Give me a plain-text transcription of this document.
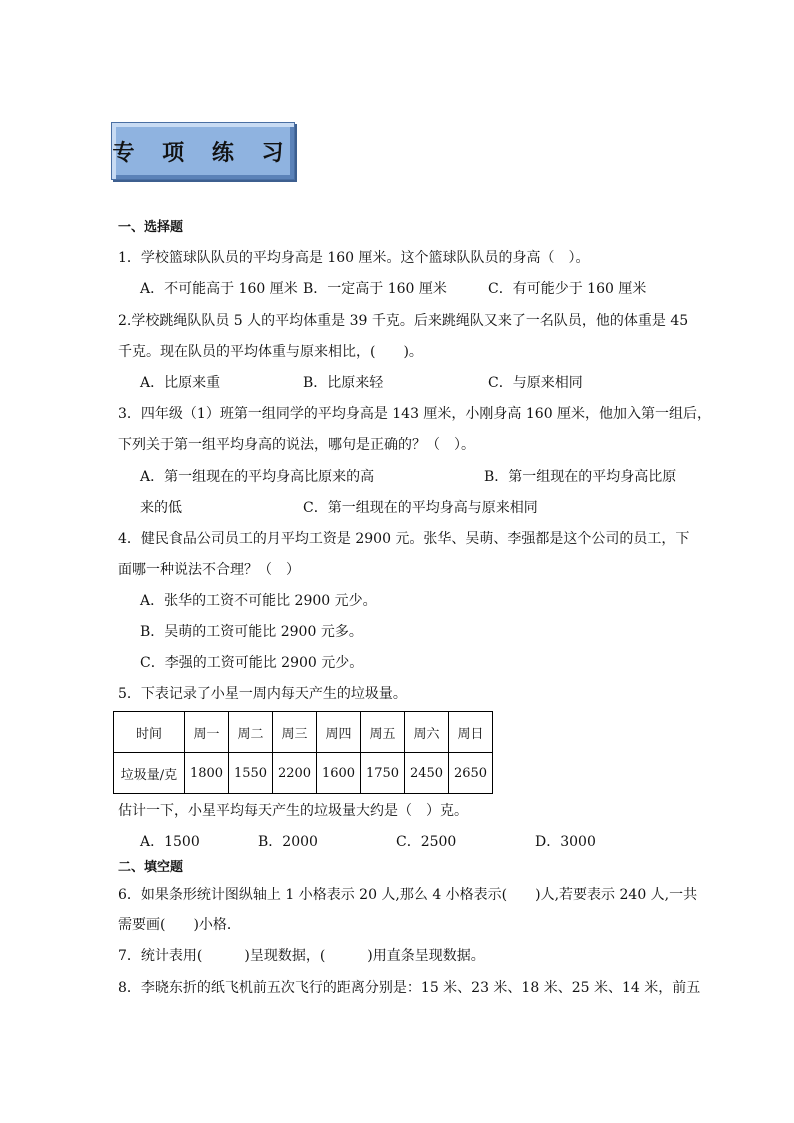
专 项 练 习
一、选择题
1．学校篮球队队员的平均身高是 160 厘米。这个篮球队队员的身高（　）。
A．不可能高于 160 厘米 B．一定高于 160 厘米	C．有可能少于 160 厘米
2.学校跳绳队队员 5 人的平均体重是 39 千克。后来跳绳队又来了一名队员，他的体重是 45
千克。现在队员的平均体重与原来相比，(　　)。
A．比原来重	B．比原来轻	C．与原来相同
3．四年级（1）班第一组同学的平均身高是 143 厘米，小刚身高 160 厘米，他加入第一组后，
下列关于第一组平均身高的说法，哪句是正确的？（　）。
A．第一组现在的平均身高比原来的高	B．第一组现在的平均身高比原
来的低	C．第一组现在的平均身高与原来相同
4．健民食品公司员工的月平均工资是 2900 元。张华、吴萌、李强都是这个公司的员工，下
面哪一种说法不合理？（　）
A．张华的工资不可能比 2900 元少。
B．吴萌的工资可能比 2900 元多。
C．李强的工资可能比 2900 元少。
5．下表记录了小星一周内每天产生的垃圾量。
时间	周一	周二	周三	周四	周五	周六	周日
垃圾量/克	1800	1550	2200	1600	1750	2450	2650
估计一下，小星平均每天产生的垃圾量大约是（　）克。
A．1500	B．2000	C．2500	D．3000
二、填空题
6．如果条形统计图纵轴上 1 小格表示 20 人,那么 4 小格表示(　　)人,若要表示 240 人,一共
需要画(　　)小格．
7．统计表用(　　　)呈现数据，(　　　)用直条呈现数据。
8．李晓东折的纸飞机前五次飞行的距离分别是：15 米、23 米、18 米、25 米、14 米，前五
